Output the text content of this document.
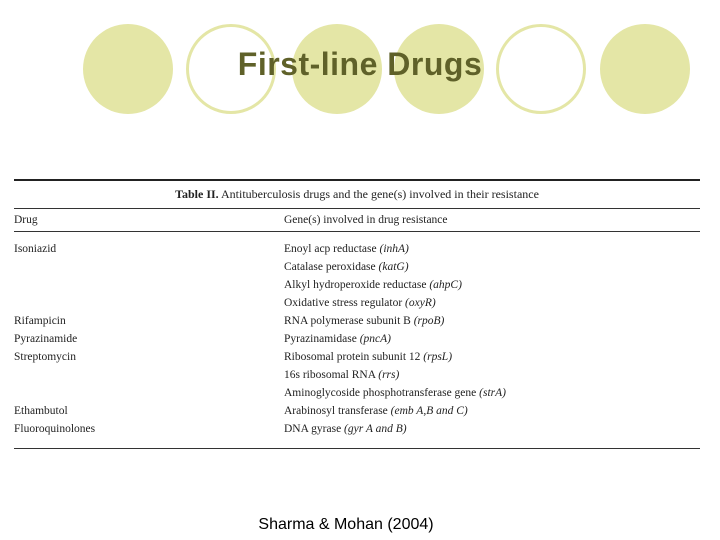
First-line Drugs
Table II. Antituberculosis drugs and the gene(s) involved in their resistance
Drug	Gene(s) involved in drug resistance

Isoniazid	Enoyl acp reductase (inhA)
	Catalase peroxidase (katG)
	Alkyl hydroperoxide reductase (ahpC)
	Oxidative stress regulator (oxyR)
Rifampicin	RNA polymerase subunit B (rpoB)
Pyrazinamide	Pyrazinamidase (pncA)
Streptomycin	Ribosomal protein subunit 12 (rpsL)
	16s ribosomal RNA (rrs)
	Aminoglycoside phosphotransferase gene (strA)
Ethambutol	Arabinosyl transferase (emb A,B and C)
Fluoroquinolones	DNA gyrase (gyr A and B)

Sharma & Mohan (2004)
